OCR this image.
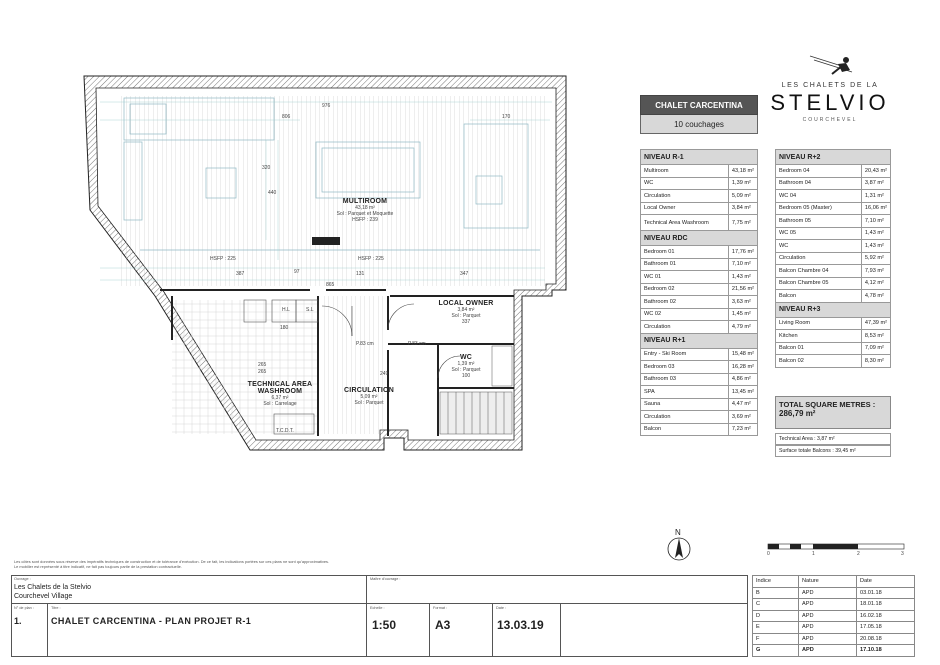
976
806	170
320
440
387	97	131	347
865
180
265
265	249
HSFP : 225	HSFP : 225
P.83 cm	P.83 cm
T.C.D.T.
H.L	S.L
MULTIROOM
43,18 m²
Sol : Parquet et Moquette
HSFP : 239
LOCAL OWNER
3,84 m²
Sol : Parquet
337
WC
1,39 m²
Sol : Parquet
100
TECHNICAL AREA WASHROOM
6,37 m²
Sol : Carrelage
CIRCULATION
5,09 m²
Sol : Parquet
LES CHALETS DE LA
STELVIO
COURCHEVEL
CHALET CARCENTINA
10 couchages
NIVEAU R-1	
Multiroom	43,18 m²
WC	1,39 m²
Circulation	5,09 m²
Local Owner	3,84 m²
Technical Area Washroom	7,75 m²
NIVEAU RDC	
Bedroom 01	17,76 m²
Bathroom 01	7,10 m²
WC 01	1,43 m²
Bedroom 02	21,56 m²
Bathroom 02	3,63 m²
WC 02	1,45 m²
Circulation	4,79 m²
NIVEAU R+1	
Entry - Ski Room	15,48 m²
Bedroom 03	16,28 m²
Bathroom 03	4,86 m²
SPA	13,45 m²
Sauna	4,47 m²
Circulation	3,69 m²
Balcon	7,23 m²
NIVEAU R+2	
Bedroom 04	20,43 m²
Bathroom 04	3,87 m²
WC 04	1,31 m²
Bedroom 05 (Master)	16,06 m²
Bathroom 05	7,10 m²
WC 05	1,43 m²
WC	1,43 m²
Circulation	5,92 m²
Balcon Chambre 04	7,93 m²
Balcon Chambre 05	4,12 m²
Balcon	4,78 m²
NIVEAU R+3	
Living Room	47,39 m²
Kitchen	8,53 m²
Balcon 01	7,09 m²
Balcon 02	8,30 m²
TOTAL SQUARE METRES :
286,79 m²
Technical Area : 3,87 m²
Surface totale Balcons : 39,45 m²
N
0	1	2	3
Les côtes sont données sous réserve des impératifs techniques de construction et de tolérance d'exécution. De ce fait, les indications portées sur ces plans ne sont qu'approximatives.
Le mobilier est représenté à titre indicatif, ne fait pas toujours partie de la prestation contractuelle.
Ouvrage :
Les Chalets de la Stelvio
Courchevel Village
Maître d'ouvrage :
N° de plan :
1.
Titre :
CHALET CARCENTINA - PLAN PROJET R-1
Echelle :
1:50
Format :
A3
Date :
13.03.19
Indice	Nature	Date
B	APD	03.01.18
C	APD	18.01.18
D	APD	16.02.18
E	APD	17.05.18
F	APD	20.08.18
G	APD	17.10.18
